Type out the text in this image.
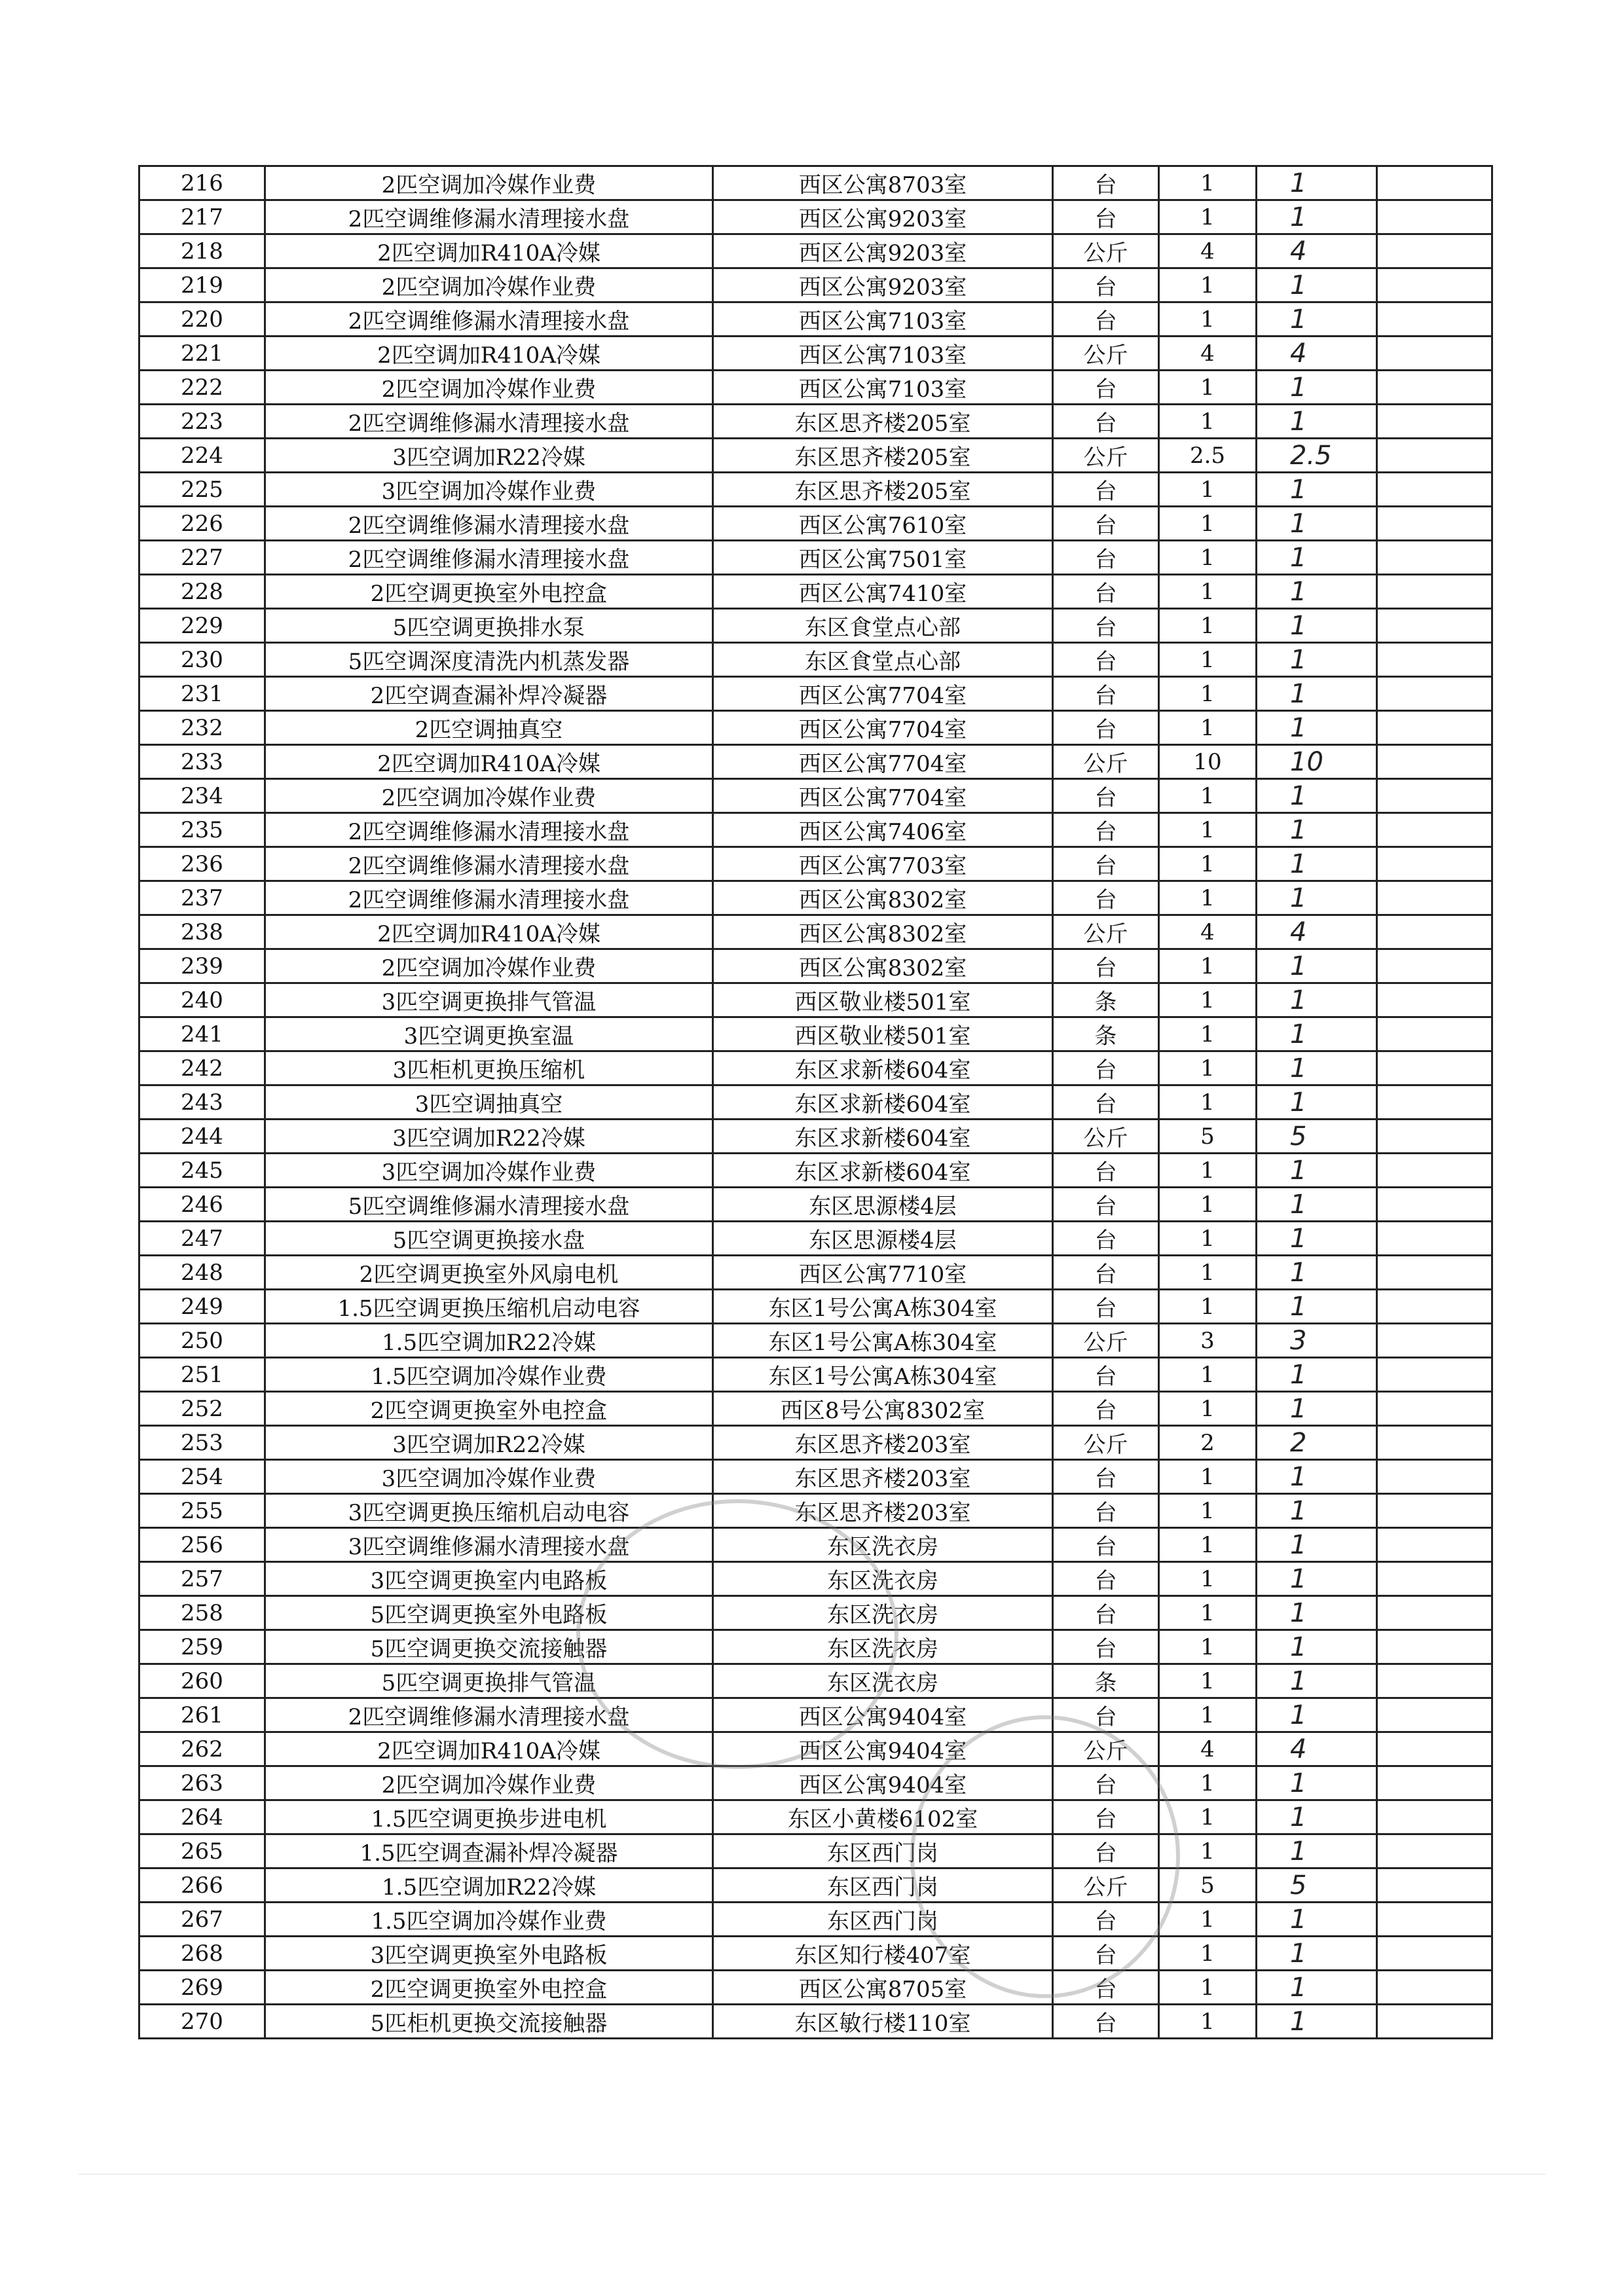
216	2匹空调加冷媒作业费	西区公寓8703室	台	1	1	
217	2匹空调维修漏水清理接水盘	西区公寓9203室	台	1	1	
218	2匹空调加R410A冷媒	西区公寓9203室	公斤	4	4	
219	2匹空调加冷媒作业费	西区公寓9203室	台	1	1	
220	2匹空调维修漏水清理接水盘	西区公寓7103室	台	1	1	
221	2匹空调加R410A冷媒	西区公寓7103室	公斤	4	4	
222	2匹空调加冷媒作业费	西区公寓7103室	台	1	1	
223	2匹空调维修漏水清理接水盘	东区思齐楼205室	台	1	1	
224	3匹空调加R22冷媒	东区思齐楼205室	公斤	2.5	2.5	
225	3匹空调加冷媒作业费	东区思齐楼205室	台	1	1	
226	2匹空调维修漏水清理接水盘	西区公寓7610室	台	1	1	
227	2匹空调维修漏水清理接水盘	西区公寓7501室	台	1	1	
228	2匹空调更换室外电控盒	西区公寓7410室	台	1	1	
229	5匹空调更换排水泵	东区食堂点心部	台	1	1	
230	5匹空调深度清洗内机蒸发器	东区食堂点心部	台	1	1	
231	2匹空调查漏补焊冷凝器	西区公寓7704室	台	1	1	
232	2匹空调抽真空	西区公寓7704室	台	1	1	
233	2匹空调加R410A冷媒	西区公寓7704室	公斤	10	10	
234	2匹空调加冷媒作业费	西区公寓7704室	台	1	1	
235	2匹空调维修漏水清理接水盘	西区公寓7406室	台	1	1	
236	2匹空调维修漏水清理接水盘	西区公寓7703室	台	1	1	
237	2匹空调维修漏水清理接水盘	西区公寓8302室	台	1	1	
238	2匹空调加R410A冷媒	西区公寓8302室	公斤	4	4	
239	2匹空调加冷媒作业费	西区公寓8302室	台	1	1	
240	3匹空调更换排气管温	西区敬业楼501室	条	1	1	
241	3匹空调更换室温	西区敬业楼501室	条	1	1	
242	3匹柜机更换压缩机	东区求新楼604室	台	1	1	
243	3匹空调抽真空	东区求新楼604室	台	1	1	
244	3匹空调加R22冷媒	东区求新楼604室	公斤	5	5	
245	3匹空调加冷媒作业费	东区求新楼604室	台	1	1	
246	5匹空调维修漏水清理接水盘	东区思源楼4层	台	1	1	
247	5匹空调更换接水盘	东区思源楼4层	台	1	1	
248	2匹空调更换室外风扇电机	西区公寓7710室	台	1	1	
249	1.5匹空调更换压缩机启动电容	东区1号公寓A栋304室	台	1	1	
250	1.5匹空调加R22冷媒	东区1号公寓A栋304室	公斤	3	3	
251	1.5匹空调加冷媒作业费	东区1号公寓A栋304室	台	1	1	
252	2匹空调更换室外电控盒	西区8号公寓8302室	台	1	1	
253	3匹空调加R22冷媒	东区思齐楼203室	公斤	2	2	
254	3匹空调加冷媒作业费	东区思齐楼203室	台	1	1	
255	3匹空调更换压缩机启动电容	东区思齐楼203室	台	1	1	
256	3匹空调维修漏水清理接水盘	东区洗衣房	台	1	1	
257	3匹空调更换室内电路板	东区洗衣房	台	1	1	
258	5匹空调更换室外电路板	东区洗衣房	台	1	1	
259	5匹空调更换交流接触器	东区洗衣房	台	1	1	
260	5匹空调更换排气管温	东区洗衣房	条	1	1	
261	2匹空调维修漏水清理接水盘	西区公寓9404室	台	1	1	
262	2匹空调加R410A冷媒	西区公寓9404室	公斤	4	4	
263	2匹空调加冷媒作业费	西区公寓9404室	台	1	1	
264	1.5匹空调更换步进电机	东区小黄楼6102室	台	1	1	
265	1.5匹空调查漏补焊冷凝器	东区西门岗	台	1	1	
266	1.5匹空调加R22冷媒	东区西门岗	公斤	5	5	
267	1.5匹空调加冷媒作业费	东区西门岗	台	1	1	
268	3匹空调更换室外电路板	东区知行楼407室	台	1	1	
269	2匹空调更换室外电控盒	西区公寓8705室	台	1	1	
270	5匹柜机更换交流接触器	东区敏行楼110室	台	1	1	
